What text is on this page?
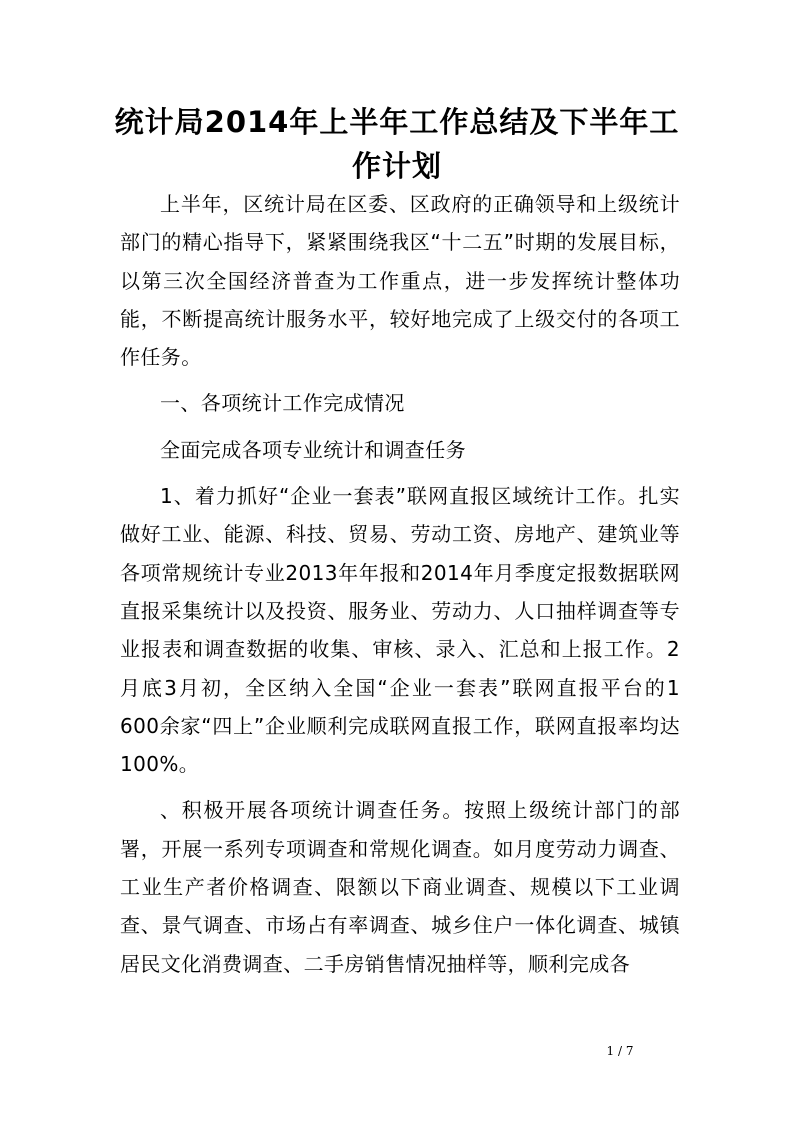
统计局2014年上半年工作总结及下半年工作计划

上半年，区统计局在区委、区政府的正确领导和上级统计部门的精心指导下，紧紧围绕我区“十二五”时期的发展目标，以第三次全国经济普查为工作重点，进一步发挥统计整体功能，不断提高统计服务水平，较好地完成了上级交付的各项工作任务。

一、各项统计工作完成情况

全面完成各项专业统计和调查任务

1、着力抓好“企业一套表”联网直报区域统计工作。扎实做好工业、能源、科技、贸易、劳动工资、房地产、建筑业等各项常规统计专业2013年年报和2014年月季度定报数据联网直报采集统计以及投资、服务业、劳动力、人口抽样调查等专业报表和调查数据的收集、审核、录入、汇总和上报工作。2月底3月初，全区纳入全国“企业一套表”联网直报平台的1 600余家“四上”企业顺利完成联网直报工作，联网直报率均达100%。

、积极开展各项统计调查任务。按照上级统计部门的部署，开展一系列专项调查和常规化调查。如月度劳动力调查、工业生产者价格调查、限额以下商业调查、规模以下工业调查、景气调查、市场占有率调查、城乡住户一体化调查、城镇居民文化消费调查、二手房销售情况抽样等，顺利完成各

1 / 7
